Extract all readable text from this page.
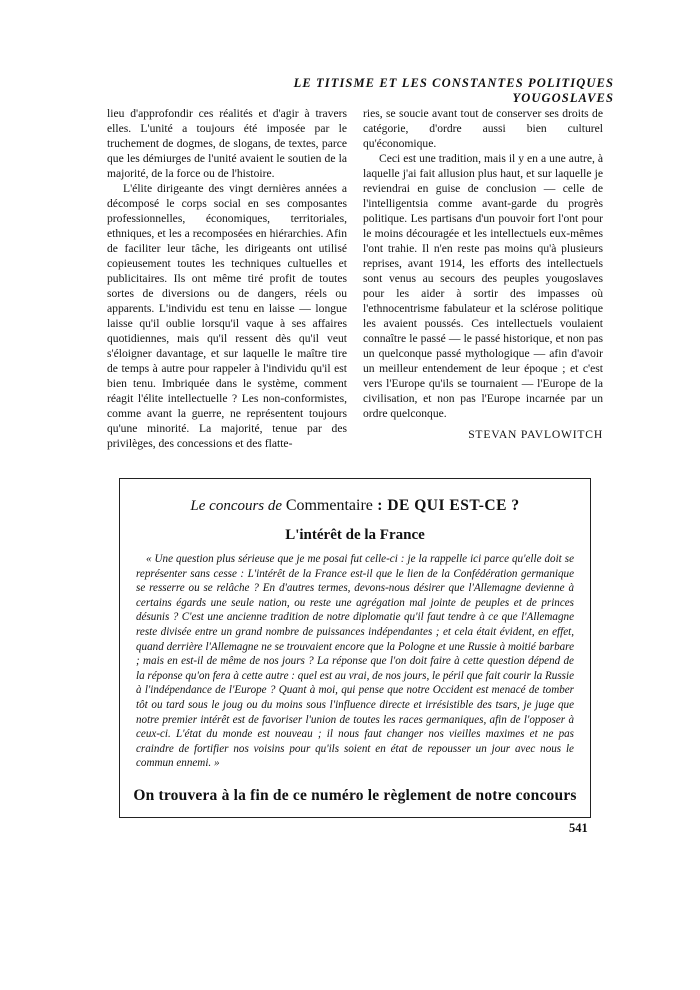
LE TITISME ET LES CONSTANTES POLITIQUES YOUGOSLAVES

lieu d'approfondir ces réalités et d'agir à travers elles. L'unité a toujours été imposée par le truchement de dogmes, de slogans, de textes, parce que les démiurges de l'unité avaient le soutien de la majorité, de la force ou de l'histoire.

L'élite dirigeante des vingt dernières années a décomposé le corps social en ses composantes professionnelles, économiques, territoriales, ethniques, et les a recomposées en hiérarchies. Afin de faciliter leur tâche, les dirigeants ont utilisé copieusement toutes les techniques cultuelles et publicitaires. Ils ont même tiré profit de toutes sortes de diversions ou de dangers, réels ou apparents. L'individu est tenu en laisse — longue laisse qu'il oublie lorsqu'il vaque à ses affaires quotidiennes, mais qu'il ressent dès qu'il veut s'éloigner davantage, et sur laquelle le maître tire de temps à autre pour rappeler à l'individu qu'il est bien tenu. Imbriquée dans le système, comment réagit l'élite intellectuelle ? Les non-conformistes, comme avant la guerre, ne représentent toujours qu'une minorité. La majorité, tenue par des privilèges, des concessions et des flatte-

ries, se soucie avant tout de conserver ses droits de catégorie, d'ordre aussi bien culturel qu'économique.

Ceci est une tradition, mais il y en a une autre, à laquelle j'ai fait allusion plus haut, et sur laquelle je reviendrai en guise de conclusion — celle de l'intelligentsia comme avant-garde du progrès politique. Les partisans d'un pouvoir fort l'ont pour le moins découragée et les intellectuels eux-mêmes l'ont trahie. Il n'en reste pas moins qu'à plusieurs reprises, avant 1914, les efforts des intellectuels sont venus au secours des peuples yougoslaves pour les aider à sortir des impasses où l'ethnocentrisme fabulateur et la sclérose politique les avaient poussés. Ces intellectuels voulaient connaître le passé — le passé historique, et non pas un quelconque passé mythologique — afin d'avoir un meilleur entendement de leur époque ; et c'est vers l'Europe qu'ils se tournaient — l'Europe de la civilisation, et non pas l'Europe incarnée par un ordre quelconque.

STEVAN PAVLOWITCH

Le concours de Commentaire : DE QUI EST-CE ?

L'intérêt de la France

« Une question plus sérieuse que je me posai fut celle-ci : je la rappelle ici parce qu'elle doit se représenter sans cesse : L'intérêt de la France est-il que le lien de la Confédération germanique se resserre ou se relâche ? En d'autres termes, devons-nous désirer que l'Allemagne devienne à certains égards une seule nation, ou reste une agrégation mal jointe de peuples et de princes désunis ? C'est une ancienne tradition de notre diplomatie qu'il faut tendre à ce que l'Allemagne reste divisée entre un grand nombre de puissances indépendantes ; et cela était évident, en effet, quand derrière l'Allemagne ne se trouvaient encore que la Pologne et une Russie à moitié barbare ; mais en est-il de même de nos jours ? La réponse que l'on doit faire à cette question dépend de la réponse qu'on fera à cette autre : quel est au vrai, de nos jours, le péril que fait courir la Russie à l'indépendance de l'Europe ? Quant à moi, qui pense que notre Occident est menacé de tomber tôt ou tard sous le joug ou du moins sous l'influence directe et irrésistible des tsars, je juge que notre premier intérêt est de favoriser l'union de toutes les races germaniques, afin de l'opposer à ceux-ci. L'état du monde est nouveau ; il nous faut changer nos vieilles maximes et ne pas craindre de fortifier nos voisins pour qu'ils soient en état de repousser un jour avec nous le commun ennemi. »

On trouvera à la fin de ce numéro le règlement de notre concours
541
